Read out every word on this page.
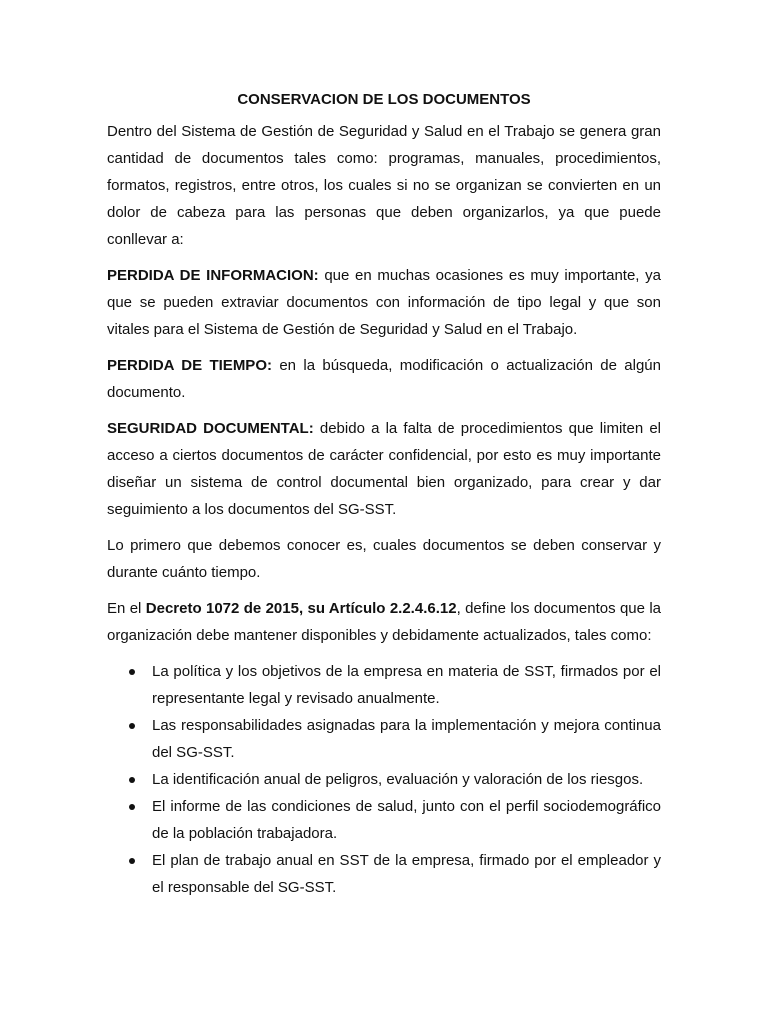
CONSERVACION DE LOS DOCUMENTOS

Dentro del Sistema de Gestión de Seguridad y Salud en el Trabajo se genera gran cantidad de documentos tales como: programas, manuales, procedimientos, formatos, registros, entre otros, los cuales si no se organizan se convierten en un dolor de cabeza para las personas que deben organizarlos, ya que puede conllevar a:

PERDIDA DE INFORMACION: que en muchas ocasiones es muy importante, ya que se pueden extraviar documentos con información de tipo legal y que son vitales para el Sistema de Gestión de Seguridad y Salud en el Trabajo.

PERDIDA DE TIEMPO: en la búsqueda, modificación o actualización de algún documento.

SEGURIDAD DOCUMENTAL: debido a la falta de procedimientos que limiten el acceso a ciertos documentos de carácter confidencial, por esto es muy importante diseñar un sistema de control documental bien organizado, para crear y dar seguimiento a los documentos del SG-SST.

Lo primero que debemos conocer es, cuales documentos se deben conservar y durante cuánto tiempo.

En el Decreto 1072 de 2015, su Artículo 2.2.4.6.12, define los documentos que la organización debe mantener disponibles y debidamente actualizados, tales como:

La política y los objetivos de la empresa en materia de SST, firmados por el representante legal y revisado anualmente.
Las responsabilidades asignadas para la implementación y mejora continua del SG-SST.
La identificación anual de peligros, evaluación y valoración de los riesgos.
El informe de las condiciones de salud, junto con el perfil sociodemográfico de la población trabajadora.
El plan de trabajo anual en SST de la empresa, firmado por el empleador y el responsable del SG-SST.
